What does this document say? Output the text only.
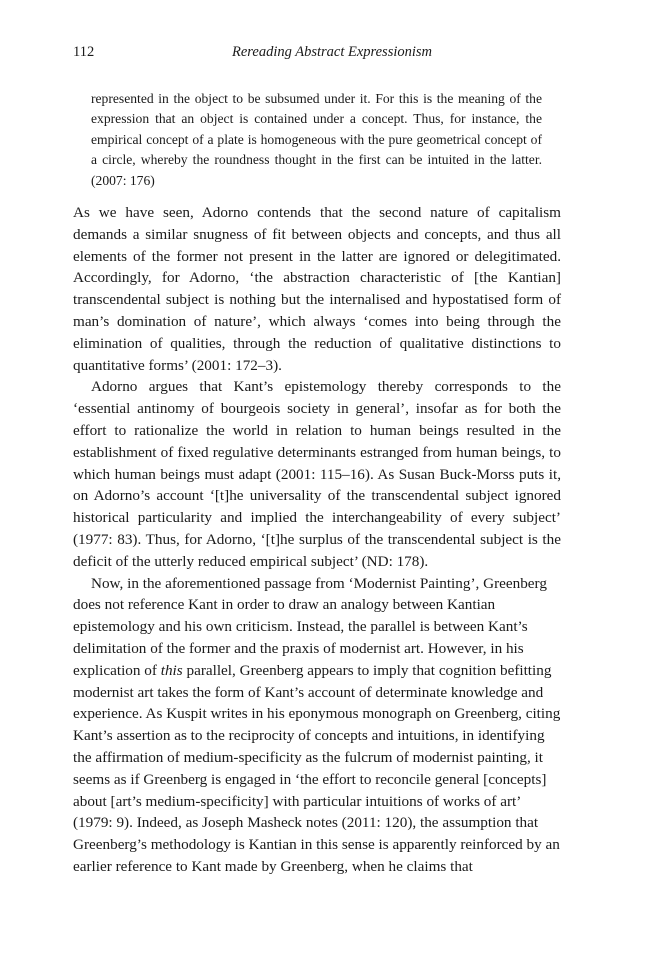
112	Rereading Abstract Expressionism

represented in the object to be subsumed under it. For this is the meaning of the expression that an object is contained under a concept. Thus, for instance, the empirical concept of a plate is homogeneous with the pure geometrical concept of a circle, whereby the roundness thought in the first can be intuited in the latter. (2007: 176)

As we have seen, Adorno contends that the second nature of capitalism demands a similar snugness of fit between objects and concepts, and thus all elements of the former not present in the latter are ignored or delegitimated. Accordingly, for Adorno, ‘the abstraction characteristic of [the Kantian] transcendental subject is nothing but the internalised and hypostatised form of man’s domination of nature’, which always ‘comes into being through the elimination of qualities, through the reduction of qualitative distinctions to quantitative forms’ (2001: 172–3).

Adorno argues that Kant’s epistemology thereby corresponds to the ‘essential antinomy of bourgeois society in general’, insofar as for both the effort to rationalize the world in relation to human beings resulted in the establishment of fixed regulative determinants estranged from human beings, to which human beings must adapt (2001: 115–16). As Susan Buck-Morss puts it, on Adorno’s account ‘[t]he universality of the transcendental subject ignored historical particularity and implied the interchangeability of every subject’ (1977: 83). Thus, for Adorno, ‘[t]he surplus of the transcendental subject is the deficit of the utterly reduced empirical subject’ (ND: 178).

Now, in the aforementioned passage from ‘Modernist Painting’, Greenberg does not reference Kant in order to draw an analogy between Kantian epistemology and his own criticism. Instead, the parallel is between Kant’s delimitation of the former and the praxis of modernist art. However, in his explication of this parallel, Greenberg appears to imply that cognition befitting modernist art takes the form of Kant’s account of determinate knowledge and experience. As Kuspit writes in his eponymous monograph on Greenberg, citing Kant’s assertion as to the reciprocity of concepts and intuitions, in identifying the affirmation of medium-specificity as the fulcrum of modernist painting, it seems as if Greenberg is engaged in ‘the effort to reconcile general [concepts] about [art’s medium-specificity] with particular intuitions of works of art’ (1979: 9). Indeed, as Joseph Masheck notes (2011: 120), the assumption that Greenberg’s methodology is Kantian in this sense is apparently reinforced by an earlier reference to Kant made by Greenberg, when he claims that
